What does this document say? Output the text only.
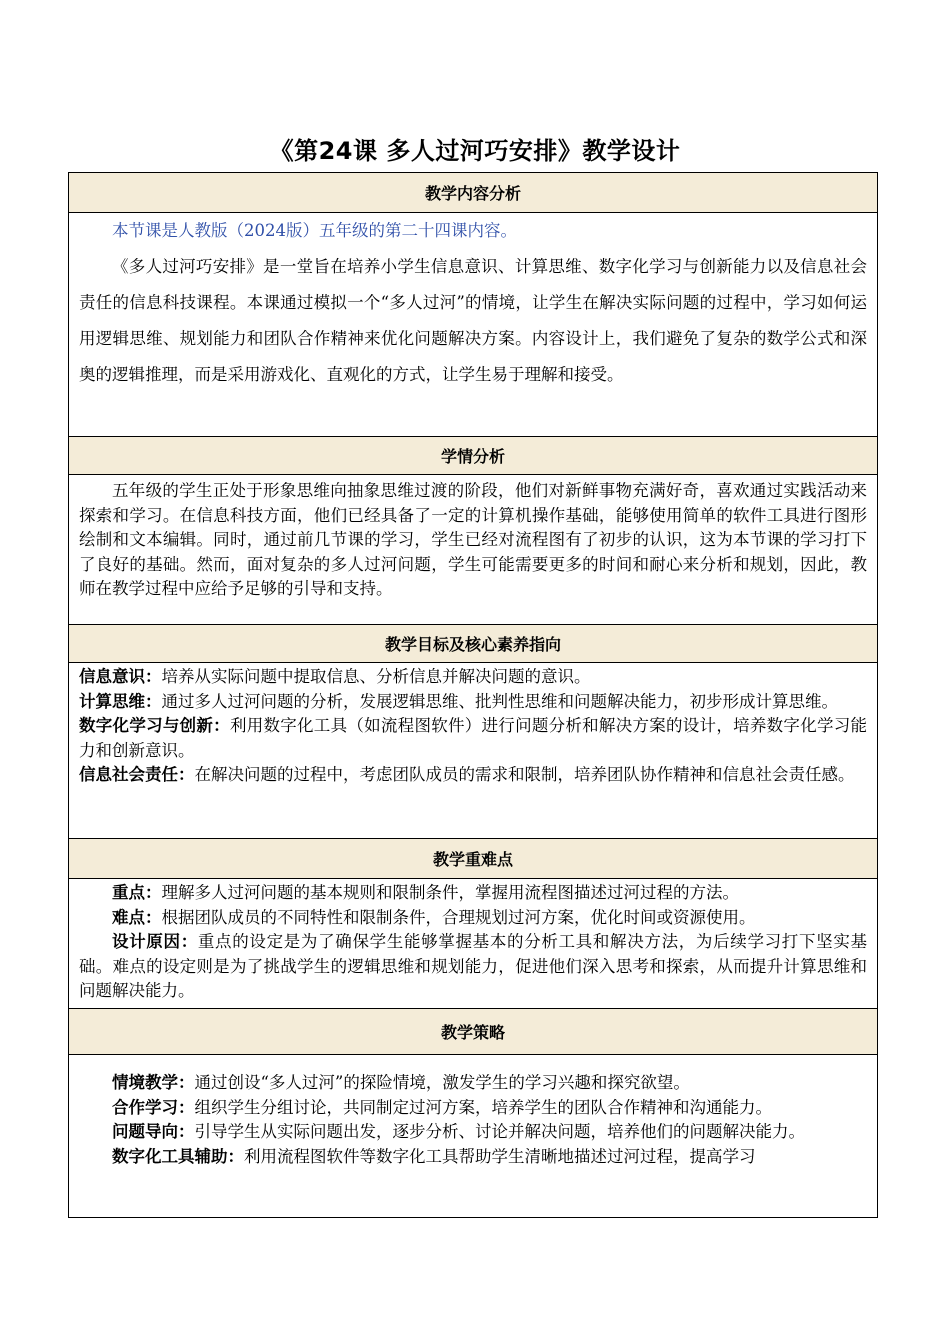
《第24课 多人过河巧安排》教学设计
教学内容分析

本节课是人教版（2024版）五年级的第二十四课内容。

《多人过河巧安排》是一堂旨在培养小学生信息意识、计算思维、数字化学习与创新能力以及信息社会责任的信息科技课程。本课通过模拟一个“多人过河”的情境，让学生在解决实际问题的过程中，学习如何运用逻辑思维、规划能力和团队合作精神来优化问题解决方案。内容设计上，我们避免了复杂的数学公式和深奥的逻辑推理，而是采用游戏化、直观化的方式，让学生易于理解和接受。

学情分析

五年级的学生正处于形象思维向抽象思维过渡的阶段，他们对新鲜事物充满好奇，喜欢通过实践活动来探索和学习。在信息科技方面，他们已经具备了一定的计算机操作基础，能够使用简单的软件工具进行图形绘制和文本编辑。同时，通过前几节课的学习，学生已经对流程图有了初步的认识，这为本节课的学习打下了良好的基础。然而，面对复杂的多人过河问题，学生可能需要更多的时间和耐心来分析和规划，因此，教师在教学过程中应给予足够的引导和支持。

教学目标及核心素养指向

信息意识：培养从实际问题中提取信息、分析信息并解决问题的意识。

计算思维：通过多人过河问题的分析，发展逻辑思维、批判性思维和问题解决能力，初步形成计算思维。

数字化学习与创新：利用数字化工具（如流程图软件）进行问题分析和解决方案的设计，培养数字化学习能力和创新意识。

信息社会责任：在解决问题的过程中，考虑团队成员的需求和限制，培养团队协作精神和信息社会责任感。

教学重难点

重点：理解多人过河问题的基本规则和限制条件，掌握用流程图描述过河过程的方法。

难点：根据团队成员的不同特性和限制条件，合理规划过河方案，优化时间或资源使用。

设计原因：重点的设定是为了确保学生能够掌握基本的分析工具和解决方法，为后续学习打下坚实基础。难点的设定则是为了挑战学生的逻辑思维和规划能力，促进他们深入思考和探索，从而提升计算思维和问题解决能力。

教学策略

情境教学：通过创设“多人过河”的探险情境，激发学生的学习兴趣和探究欲望。

合作学习：组织学生分组讨论，共同制定过河方案，培养学生的团队合作精神和沟通能力。

问题导向：引导学生从实际问题出发，逐步分析、讨论并解决问题，培养他们的问题解决能力。

数字化工具辅助：利用流程图软件等数字化工具帮助学生清晰地描述过河过程，提高学习
